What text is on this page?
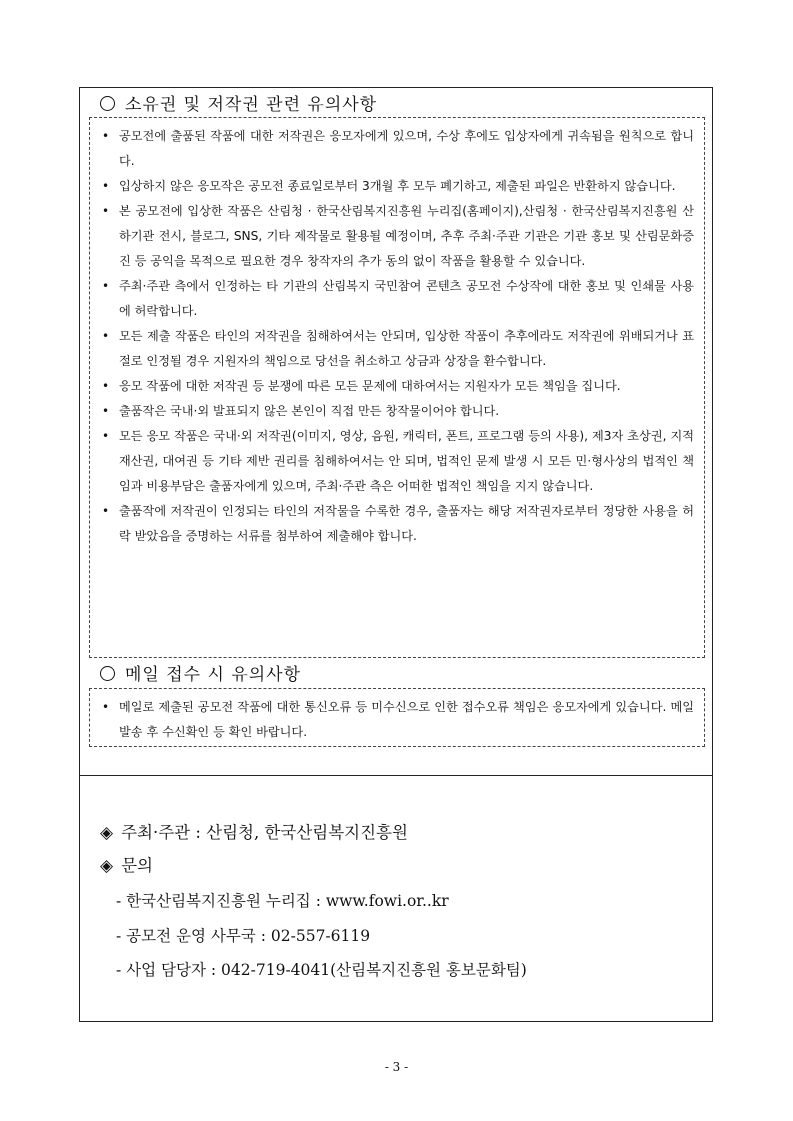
소유권 및 저작권 관련 유의사항
• 공모전에 출품된 작품에 대한 저작권은 응모자에게 있으며, 수상 후에도 입상자에게 귀속됨을 원칙으로 합니다.
• 입상하지 않은 응모작은 공모전 종료일로부터 3개월 후 모두 폐기하고, 제출된 파일은 반환하지 않습니다.
• 본 공모전에 입상한 작품은 산림청 · 한국산림복지진흥원 누리집(홈페이지),산림청 · 한국산림복지진흥원 산하기관 전시, 블로그, SNS, 기타 제작물로 활용될 예정이며, 추후 주최·주관 기관은 기관 홍보 및 산림문화증진 등 공익을 목적으로 필요한 경우 창작자의 추가 동의 없이 작품을 활용할 수 있습니다.
• 주최·주관 측에서 인정하는 타 기관의 산림복지 국민참여 콘텐츠 공모전 수상작에 대한 홍보 및 인쇄물 사용에 허락합니다.
• 모든 제출 작품은 타인의 저작권을 침해하여서는 안되며, 입상한 작품이 추후에라도 저작권에 위배되거나 표절로 인정될 경우 지원자의 책임으로 당선을 취소하고 상금과 상장을 환수합니다.
• 응모 작품에 대한 저작권 등 분쟁에 따른 모든 문제에 대하여서는 지원자가 모든 책임을 집니다.
• 출품작은 국내·외 발표되지 않은 본인이 직접 만든 창작물이어야 합니다.
• 모든 응모 작품은 국내·외 저작권(이미지, 영상, 음원, 캐릭터, 폰트, 프로그램 등의 사용), 제3자 초상권, 지적재산권, 대여권 등 기타 제반 권리를 침해하여서는 안 되며, 법적인 문제 발생 시 모든 민·형사상의 법적인 책임과 비용부담은 출품자에게 있으며, 주최·주관 측은 어떠한 법적인 책임을 지지 않습니다.
• 출품작에 저작권이 인정되는 타인의 저작물을 수록한 경우, 출품자는 해당 저작권자로부터 정당한 사용을 허락 받았음을 증명하는 서류를 첨부하여 제출해야 합니다.
메일 접수 시 유의사항
• 메일로 제출된 공모전 작품에 대한 통신오류 등 미수신으로 인한 접수오류 책임은 응모자에게 있습니다. 메일 발송 후 수신확인 등 확인 바랍니다.
◈ 주최·주관 : 산림청, 한국산림복지진흥원
◈ 문의
- 한국산림복지진흥원 누리집 : www.fowi.or..kr
- 공모전 운영 사무국 : 02-557-6119
- 사업 담당자 : 042-719-4041(산림복지진흥원 홍보문화팀)
- 3 -
